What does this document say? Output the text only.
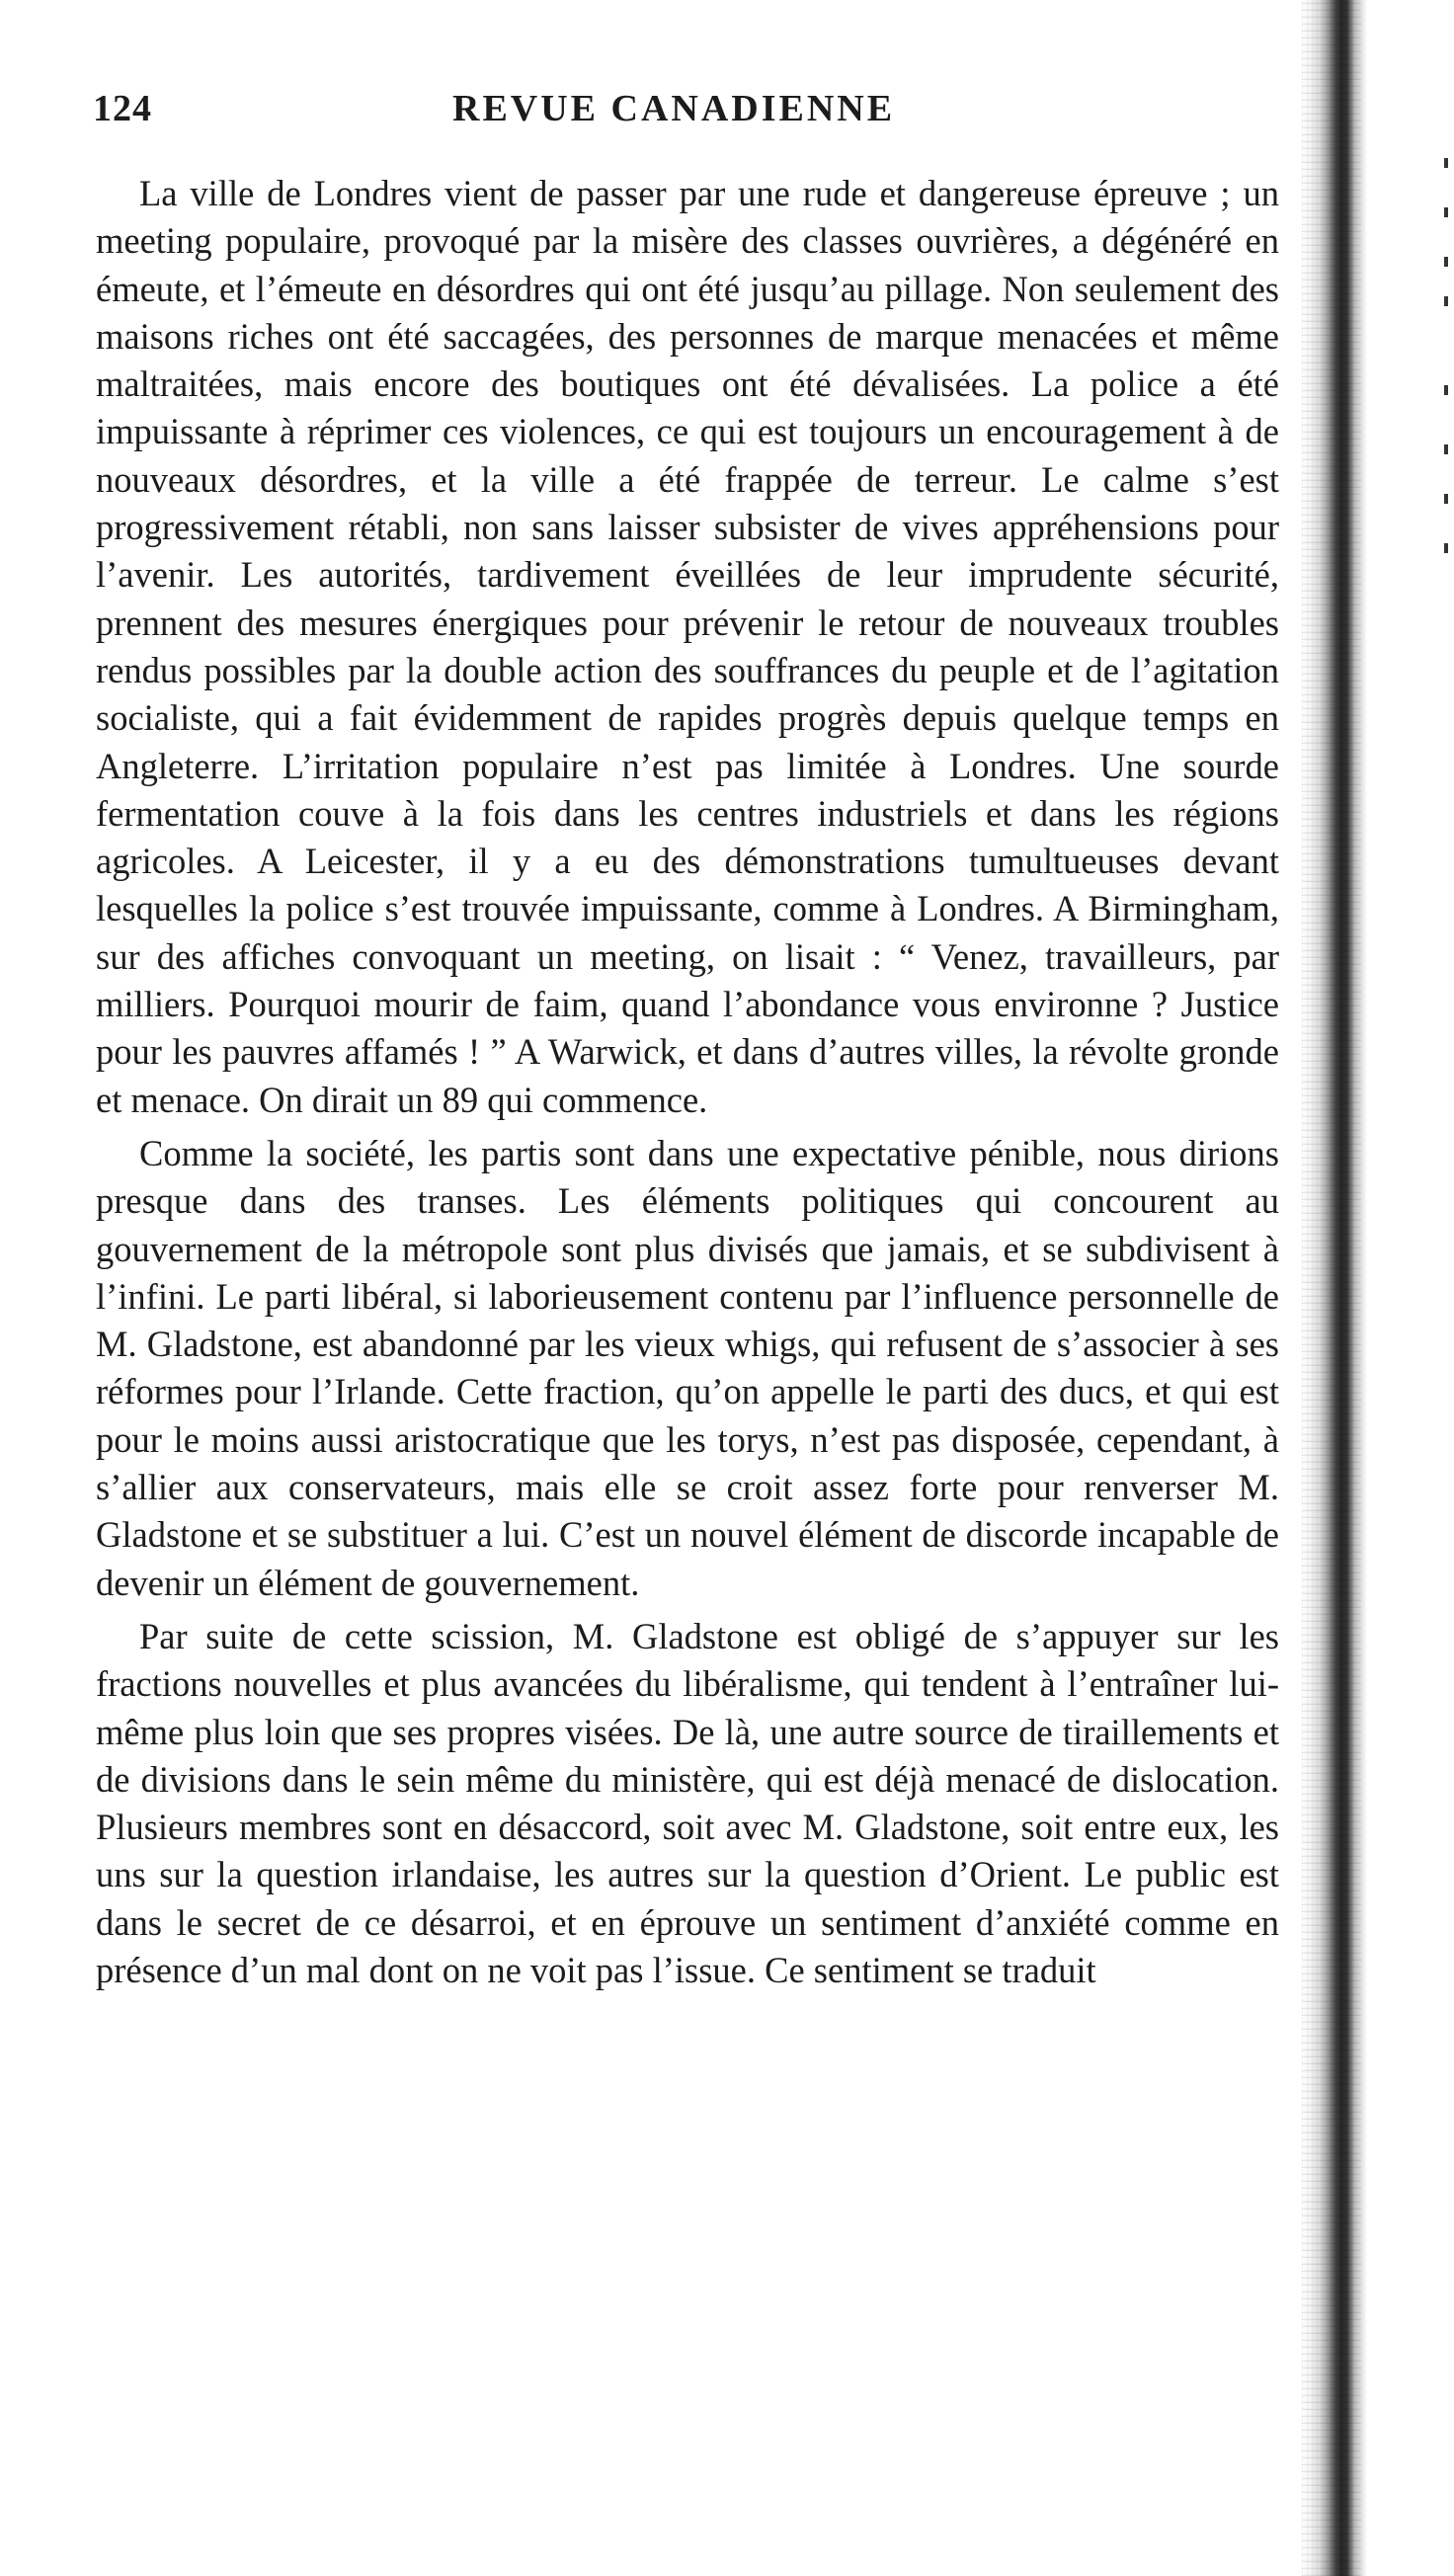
124	REVUE CANADIENNE

La ville de Londres vient de passer par une rude et dangereuse épreuve ; un meeting populaire, provoqué par la misère des classes ouvrières, a dégénéré en émeute, et l’émeute en désordres qui ont été jusqu’au pillage. Non seulement des maisons riches ont été saccagées, des personnes de marque menacées et même maltraitées, mais encore des boutiques ont été dévalisées. La police a été impuissante à réprimer ces violences, ce qui est toujours un encouragement à de nouveaux désordres, et la ville a été frappée de terreur. Le calme s’est progressivement rétabli, non sans laisser subsister de vives appréhensions pour l’avenir. Les autorités, tardivement éveillées de leur imprudente sécurité, prennent des mesures énergiques pour prévenir le retour de nouveaux troubles rendus possibles par la double action des souffrances du peuple et de l’agitation socialiste, qui a fait évidemment de rapides progrès depuis quelque temps en Angleterre. L’irritation populaire n’est pas limitée à Londres. Une sourde fermentation couve à la fois dans les centres industriels et dans les régions agricoles. A Leicester, il y a eu des démonstrations tumultueuses devant lesquelles la police s’est trouvée impuissante, comme à Londres. A Birmingham, sur des affiches convoquant un meeting, on lisait : “ Venez, travailleurs, par milliers. Pourquoi mourir de faim, quand l’abondance vous environne ? Justice pour les pauvres affamés ! ” A Warwick, et dans d’autres villes, la révolte gronde et menace. On dirait un 89 qui commence.

Comme la société, les partis sont dans une expectative pénible, nous dirions presque dans des transes. Les éléments politiques qui concourent au gouvernement de la métropole sont plus divisés que jamais, et se subdivisent à l’infini. Le parti libéral, si laborieusement contenu par l’influence personnelle de M. Gladstone, est abandonné par les vieux whigs, qui refusent de s’associer à ses réformes pour l’Irlande. Cette fraction, qu’on appelle le parti des ducs, et qui est pour le moins aussi aristocratique que les torys, n’est pas disposée, cependant, à s’allier aux conservateurs, mais elle se croit assez forte pour renverser M. Gladstone et se substituer a lui. C’est un nouvel élément de discorde incapable de devenir un élément de gouvernement.

Par suite de cette scission, M. Gladstone est obligé de s’appuyer sur les fractions nouvelles et plus avancées du libéralisme, qui tendent à l’entraîner lui-même plus loin que ses propres visées. De là, une autre source de tiraillements et de divisions dans le sein même du ministère, qui est déjà menacé de dislocation. Plusieurs membres sont en désaccord, soit avec M. Gladstone, soit entre eux, les uns sur la question irlandaise, les autres sur la question d’Orient. Le public est dans le secret de ce désarroi, et en éprouve un sentiment d’anxiété comme en présence d’un mal dont on ne voit pas l’issue. Ce sentiment se traduit
